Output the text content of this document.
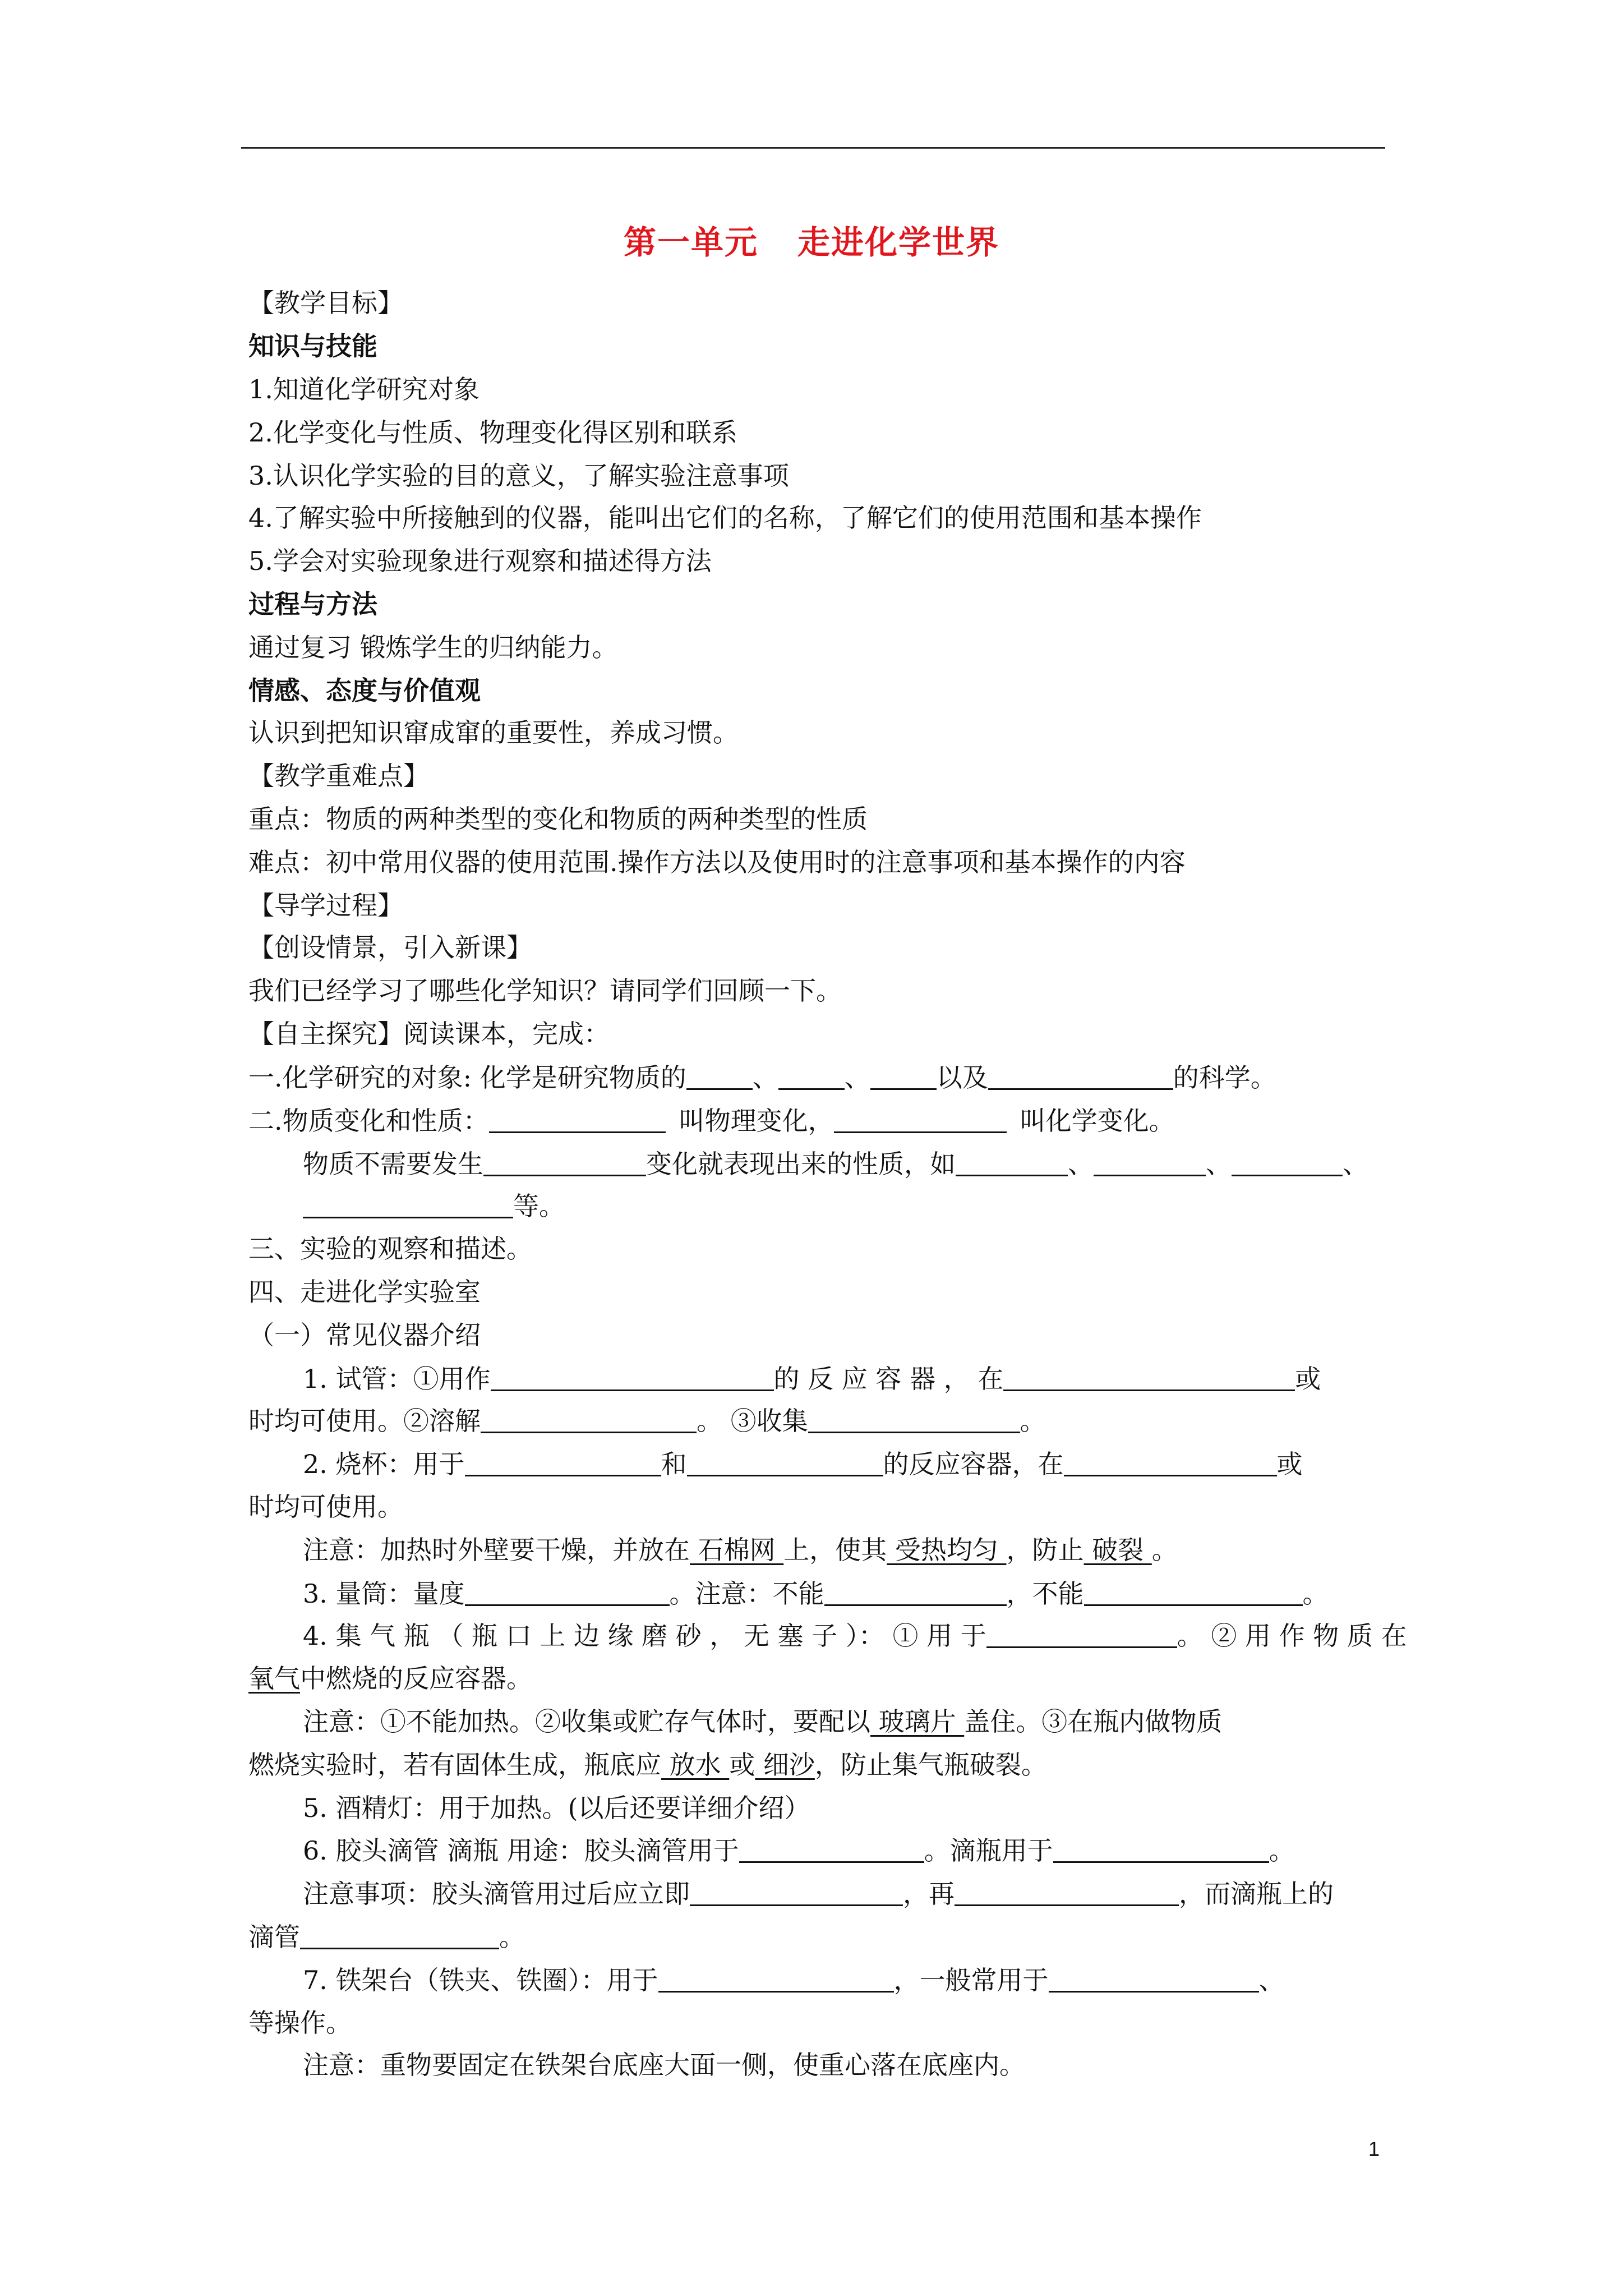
第一单元 走进化学世界
【教学目标】
知识与技能
1.知道化学研究对象
2.化学变化与性质、物理变化得区别和联系
3.认识化学实验的目的意义，了解实验注意事项
4.了解实验中所接触到的仪器，能叫出它们的名称，了解它们的使用范围和基本操作
5.学会对实验现象进行观察和描述得方法
过程与方法
通过复习 锻炼学生的归纳能力。
情感、态度与价值观
认识到把知识窜成窜的重要性，养成习惯。
【教学重难点】
重点：物质的两种类型的变化和物质的两种类型的性质
难点：初中常用仪器的使用范围.操作方法以及使用时的注意事项和基本操作的内容
【导学过程】
【创设情景，引入新课】
我们已经学习了哪些化学知识？请同学们回顾一下。
【自主探究】阅读课本，完成：
一.化学研究的对象: 化学是研究物质的	、	、	以及	的科学。
二.物质变化和性质：	叫物理变化，	叫化学变化。
物质不需要发生	变化就表现出来的性质，如	、	、	、
等。
三、实验的观察和描述。
四、走进化学实验室
（一）常见仪器介绍
1. 试管：①用作	的 反 应 容 器 ， 在	或
时均可使用。②溶解	。 ③收集	。
2. 烧杯：用于	和	的反应容器，在	或
时均可使用。
注意：加热时外壁要干燥，并放在 石棉网 上，使其 受热均匀 ，防止 破裂 。
3. 量筒：量度	。注意：不能	，不能	。
4. 集 气 瓶 （ 瓶 口 上 边 缘 磨 砂 ， 无 塞 子 ）： ① 用 于	。 ② 用 作 物 质 在
氧气中燃烧的反应容器。
注意：①不能加热。②收集或贮存气体时，要配以 玻璃片 盖住。③在瓶内做物质
燃烧实验时，若有固体生成，瓶底应 放水 或 细沙，防止集气瓶破裂。
5. 酒精灯：用于加热。(以后还要详细介绍）
6. 胶头滴管 滴瓶 用途：胶头滴管用于	。滴瓶用于	。
注意事项：胶头滴管用过后应立即	，再	，而滴瓶上的
滴管	。
7. 铁架台（铁夹、铁圈）：用于	，一般常用于	、
等操作。
注意：重物要固定在铁架台底座大面一侧，使重心落在底座内。
1
